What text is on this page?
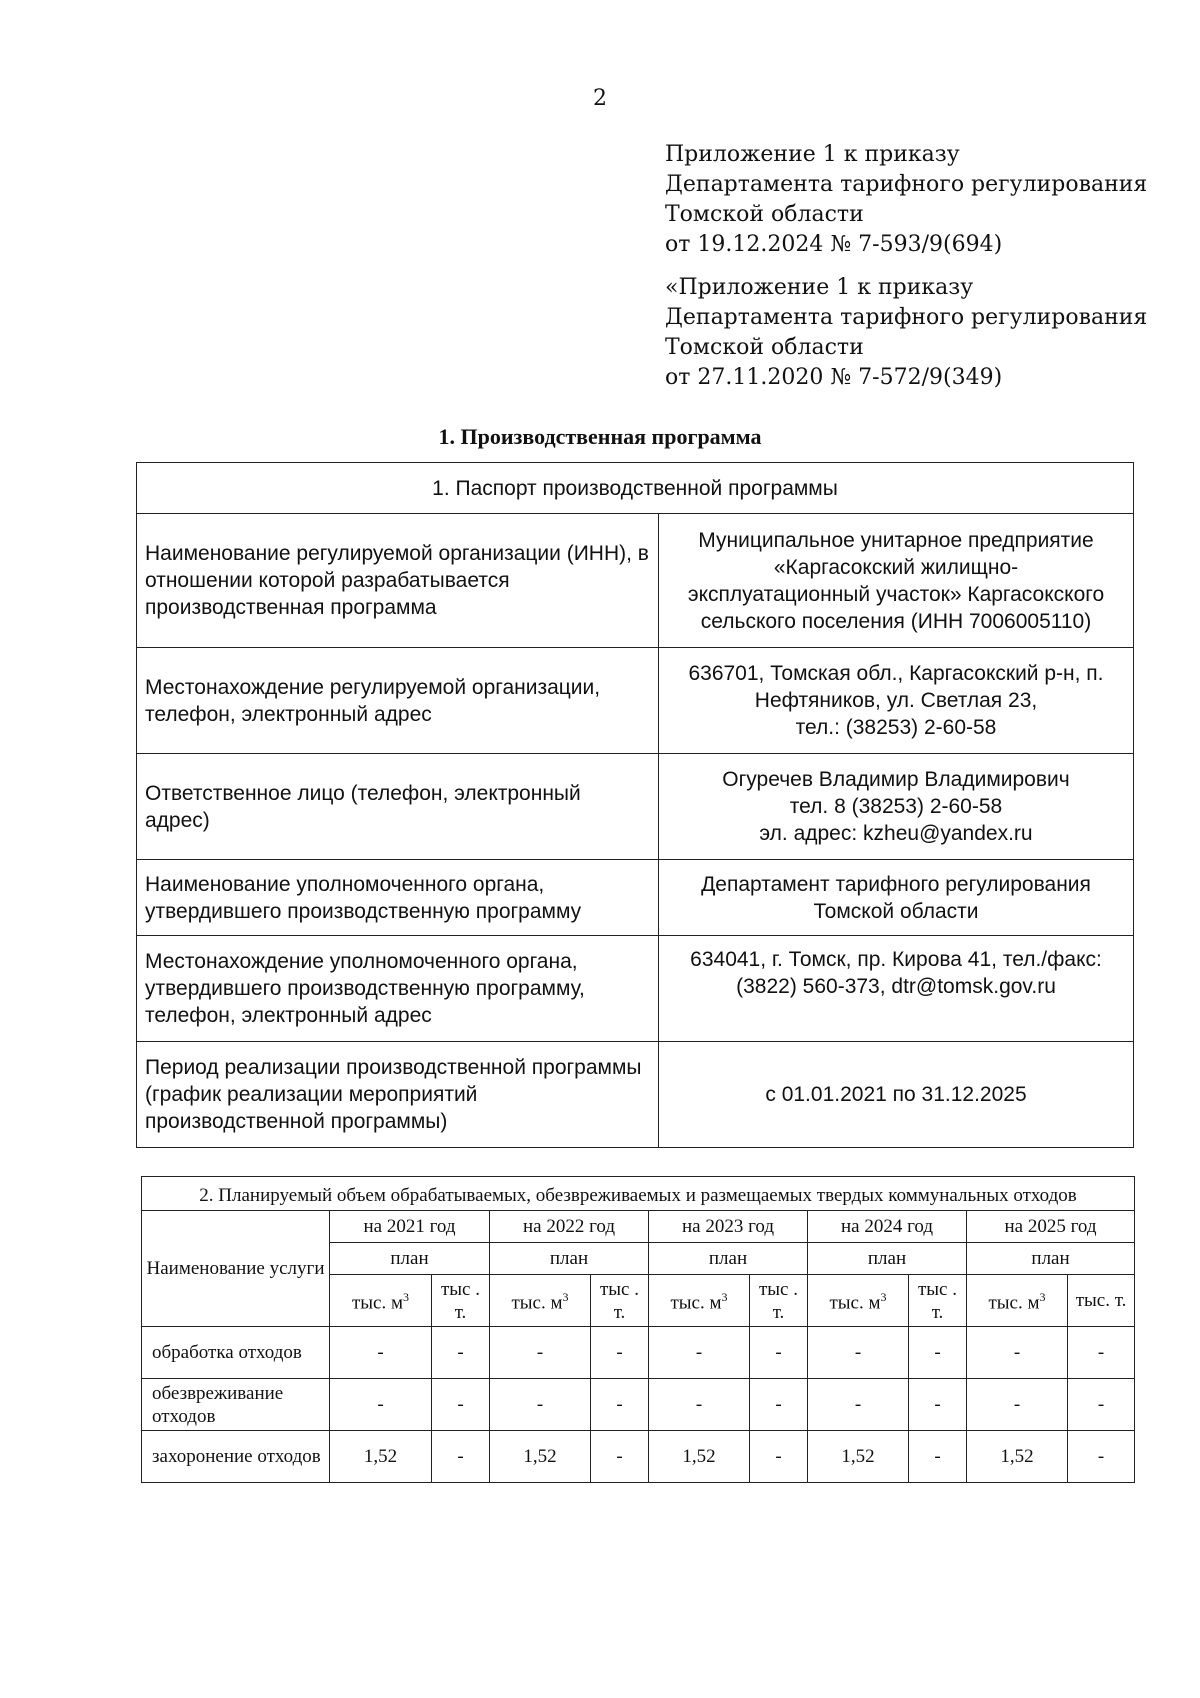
2
Приложение 1 к приказу
Департамента тарифного регулирования
Томской области
от 19.12.2024 № 7-593/9(694)
«Приложение 1 к приказу
Департамента тарифного регулирования
Томской области
от 27.11.2020 № 7-572/9(349)
1. Производственная программа
1. Паспорт производственной программы	
Наименование регулируемой организации (ИНН), в отношении которой разрабатывается производственная программа	Муниципальное унитарное предприятие
«Каргасокский жилищно-
эксплуатационный участок» Каргасокского
сельского поселения (ИНН 7006005110)

Местонахождение регулируемой организации, телефон, электронный адрес	636701, Томская обл., Каргасокский р-н, п.
Нефтяников, ул. Светлая 23,
тел.: (38253) 2-60-58

Ответственное лицо (телефон, электронный адрес)	Огуречев Владимир Владимирович
тел. 8 (38253) 2-60-58
эл. адрес: kzheu@yandex.ru

Наименование уполномоченного органа, утвердившего производственную программу	Департамент тарифного регулирования
Томской области

Местонахождение уполномоченного органа, утвердившего производственную программу, телефон, электронный адрес	634041, г. Томск, пр. Кирова 41, тел./факс:
(3822) 560-373, dtr@tomsk.gov.ru

Период реализации производственной программы (график реализации мероприятий производственной программы)	с 01.01.2021 по 31.12.2025
2. Планируемый объем обрабатываемых, обезвреживаемых и размещаемых твердых коммунальных отходов										
Наименование услуги	на 2021 год		на 2022 год		на 2023 год		на 2024 год		на 2025 год	
	план		план		план		план		план	
	тыс. $м^3$	тыс . т.	тыс. $м^3$	тыс . т.	тыс. $м^3$	тыс . т.	тыс. $м^3$	тыс . т.	тыс. $м^3$	тыс. т.
обработка отходов	-	-	-	-	-	-	-	-	-	-
обезвреживание отходов	-	-	-	-	-	-	-	-	-	-
захоронение отходов	1,52	-	1,52	-	1,52	-	1,52	-	1,52	-
